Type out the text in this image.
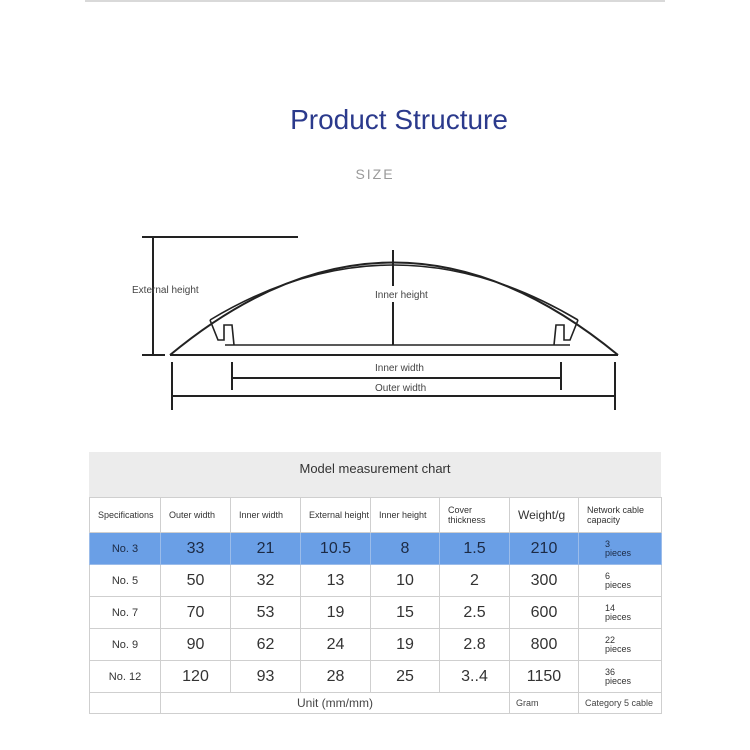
Product Structure
SIZE
External height	Inner height
Inner width
Outer width
Model measurement chart
Specifications	Outer width	Inner width	External height	Inner height	Cover thickness	Weight/g	Network cable capacity
No. 3	33	21	10.5	8	1.5	210	3
pieces
No. 5	50	32	13	10	2	300	6
pieces
No. 7	70	53	19	15	2.5	600	14
pieces
No. 9	90	62	24	19	2.8	800	22
pieces
No. 12	120	93	28	25	3..4	1150	36
pieces
	Unit (mm/mm)					Gram	Category 5 cable
